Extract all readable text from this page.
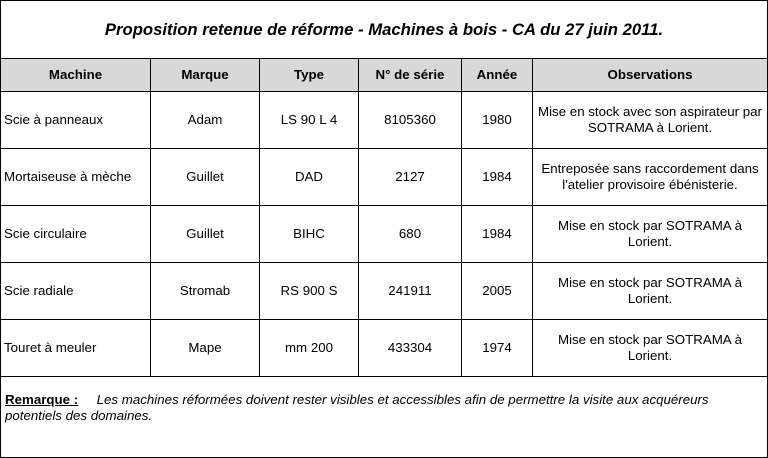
Proposition retenue de réforme - Machines à bois - CA du 27 juin 2011.					
Machine	Marque	Type	N° de série	Année	Observations
Scie à panneaux	Adam	LS 90 L 4	8105360	1980	Mise en stock avec son aspirateur par SOTRAMA à Lorient.
Mortaiseuse à mèche	Guillet	DAD	2127	1984	Entreposée sans raccordement dans l'atelier provisoire ébénisterie.
Scie circulaire	Guillet	BIHC	680	1984	Mise en stock par SOTRAMA à Lorient.
Scie radiale	Stromab	RS 900 S	241911	2005	Mise en stock par SOTRAMA à Lorient.
Touret à meuler	Mape	mm 200	433304	1974	Mise en stock par SOTRAMA à Lorient.
Remarque : Les machines réformées doivent rester visibles et accessibles afin de permettre la visite aux acquéreurs potentiels des domaines.					
